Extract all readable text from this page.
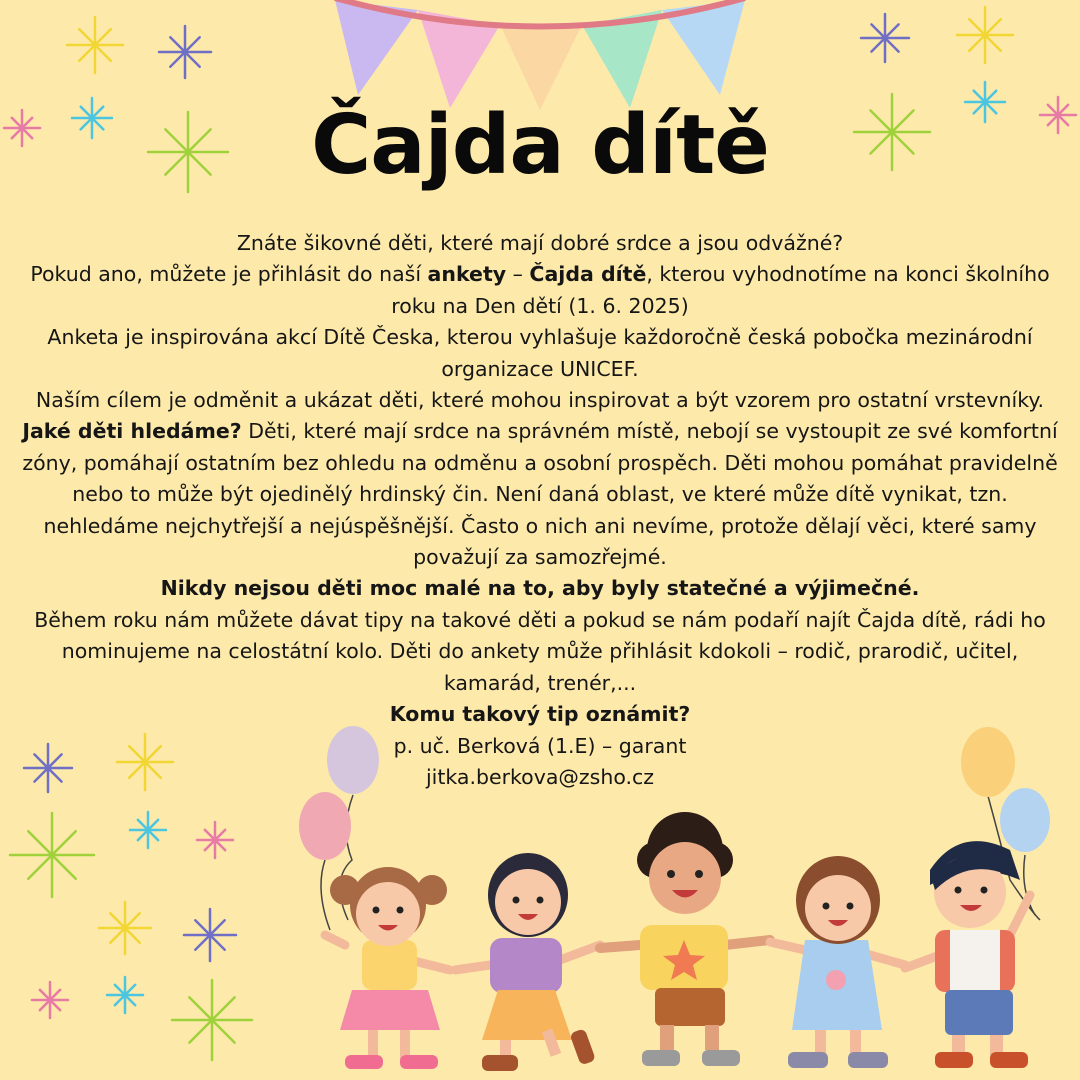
Čajda dítě

Znáte šikovné děti, které mají dobré srdce a jsou odvážné?

Pokud ano, můžete je přihlásit do naší ankety – Čajda dítě, kterou vyhodnotíme na konci školního roku na Den dětí (1. 6. 2025)

Anketa je inspirována akcí Dítě Česka, kterou vyhlašuje každoročně česká pobočka mezinárodní organizace UNICEF.

Naším cílem je odměnit a ukázat děti, které mohou inspirovat a být vzorem pro ostatní vrstevníky.

Jaké děti hledáme? Děti, které mají srdce na správném místě, nebojí se vystoupit ze své komfortní zóny, pomáhají ostatním bez ohledu na odměnu a osobní prospěch. Děti mohou pomáhat pravidelně nebo to může být ojedinělý hrdinský čin. Není daná oblast, ve které může dítě vynikat, tzn. nehledáme nejchytřejší a nejúspěšnější. Často o nich ani nevíme, protože dělají věci, které samy považují za samozřejmé.

Nikdy nejsou děti moc malé na to, aby byly statečné a výjimečné.

Během roku nám můžete dávat tipy na takové děti a pokud se nám podaří najít Čajda dítě, rádi ho nominujeme na celostátní kolo. Děti do ankety může přihlásit kdokoli – rodič, prarodič, učitel, kamarád, trenér,...

Komu takový tip oznámit?

p. uč. Berková (1.E) – garant

jitka.berkova@zsho.cz
